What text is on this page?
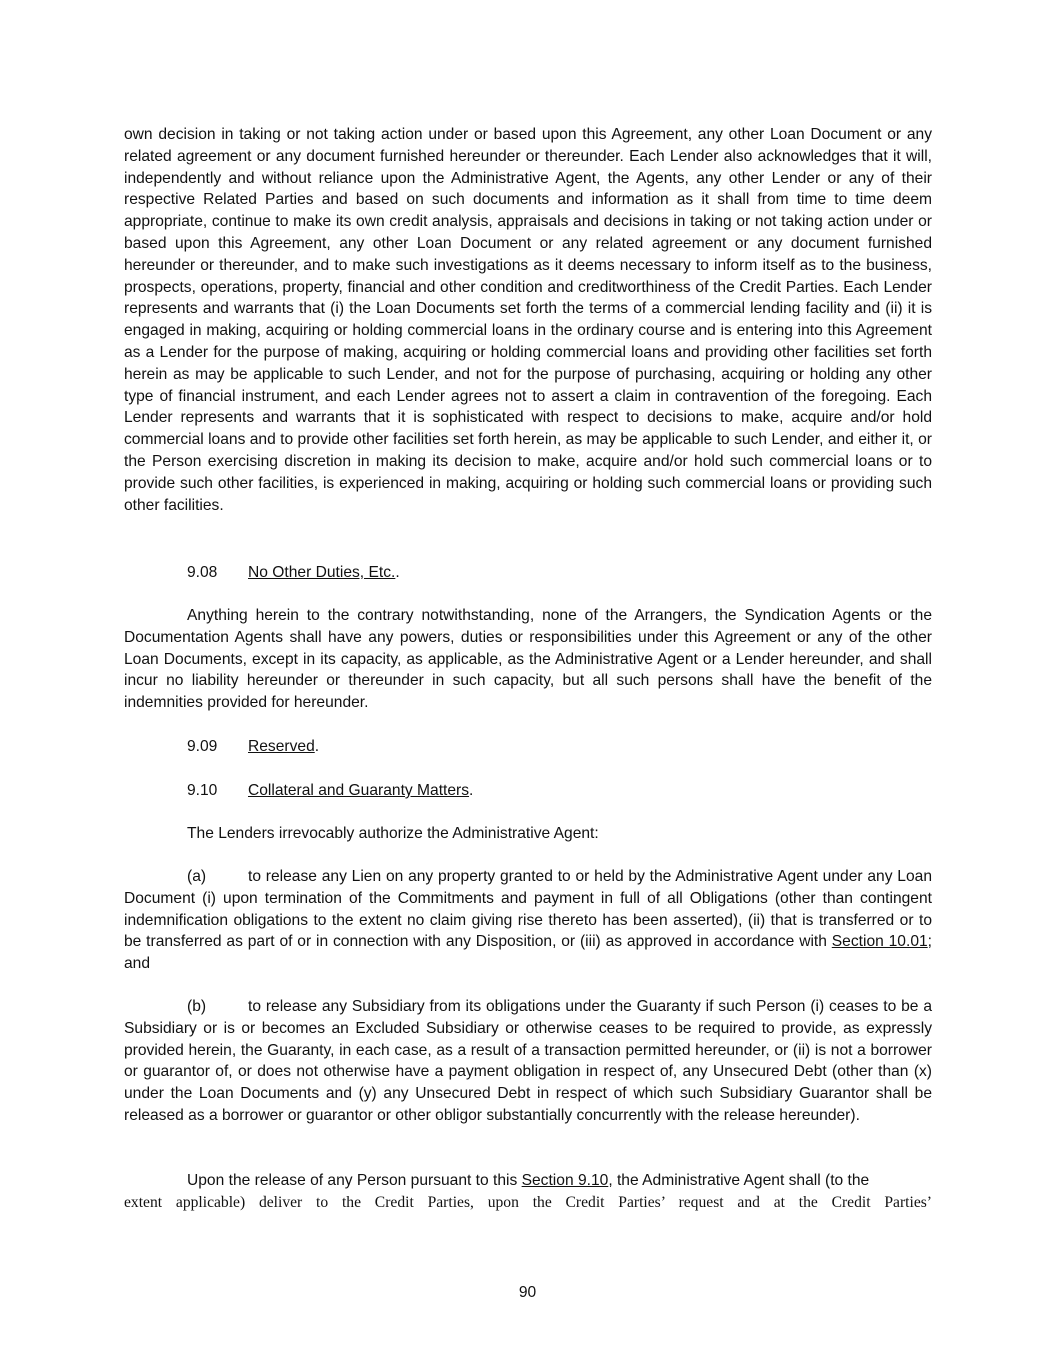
own decision in taking or not taking action under or based upon this Agreement, any other Loan Document or any related agreement or any document furnished hereunder or thereunder. Each Lender also acknowledges that it will, independently and without reliance upon the Administrative Agent, the Agents, any other Lender or any of their respective Related Parties and based on such documents and information as it shall from time to time deem appropriate, continue to make its own credit analysis, appraisals and decisions in taking or not taking action under or based upon this Agreement, any other Loan Document or any related agreement or any document furnished hereunder or thereunder, and to make such investigations as it deems necessary to inform itself as to the business, prospects, operations, property, financial and other condition and creditworthiness of the Credit Parties. Each Lender represents and warrants that (i) the Loan Documents set forth the terms of a commercial lending facility and (ii) it is engaged in making, acquiring or holding commercial loans in the ordinary course and is entering into this Agreement as a Lender for the purpose of making, acquiring or holding commercial loans and providing other facilities set forth herein as may be applicable to such Lender, and not for the purpose of purchasing, acquiring or holding any other type of financial instrument, and each Lender agrees not to assert a claim in contravention of the foregoing. Each Lender represents and warrants that it is sophisticated with respect to decisions to make, acquire and/or hold commercial loans and to provide other facilities set forth herein, as may be applicable to such Lender, and either it, or the Person exercising discretion in making its decision to make, acquire and/or hold such commercial loans or to provide such other facilities, is experienced in making, acquiring or holding such commercial loans or providing such other facilities.

9.08 No Other Duties, Etc..

Anything herein to the contrary notwithstanding, none of the Arrangers, the Syndication Agents or the Documentation Agents shall have any powers, duties or responsibilities under this Agreement or any of the other Loan Documents, except in its capacity, as applicable, as the Administrative Agent or a Lender hereunder, and shall incur no liability hereunder or thereunder in such capacity, but all such persons shall have the benefit of the indemnities provided for hereunder.

9.09 Reserved.

9.10 Collateral and Guaranty Matters.

The Lenders irrevocably authorize the Administrative Agent:

(a)	to release any Lien on any property granted to or held by the Administrative Agent under any Loan Document (i) upon termination of the Commitments and payment in full of all Obligations (other than contingent indemnification obligations to the extent no claim giving rise thereto has been asserted), (ii) that is transferred or to be transferred as part of or in connection with any Disposition, or (iii) as approved in accordance with Section 10.01; and

(b)	to release any Subsidiary from its obligations under the Guaranty if such Person (i) ceases to be a Subsidiary or is or becomes an Excluded Subsidiary or otherwise ceases to be required to provide, as expressly provided herein, the Guaranty, in each case, as a result of a transaction permitted hereunder, or (ii) is not a borrower or guarantor of, or does not otherwise have a payment obligation in respect of, any Unsecured Debt (other than (x) under the Loan Documents and (y) any Unsecured Debt in respect of which such Subsidiary Guarantor shall be released as a borrower or guarantor or other obligor substantially concurrently with the release hereunder).

Upon the release of any Person pursuant to this Section 9.10, the Administrative Agent shall (to the

extent applicable) deliver to the Credit Parties, upon the Credit Parties’ request and at the Credit Parties’

90
